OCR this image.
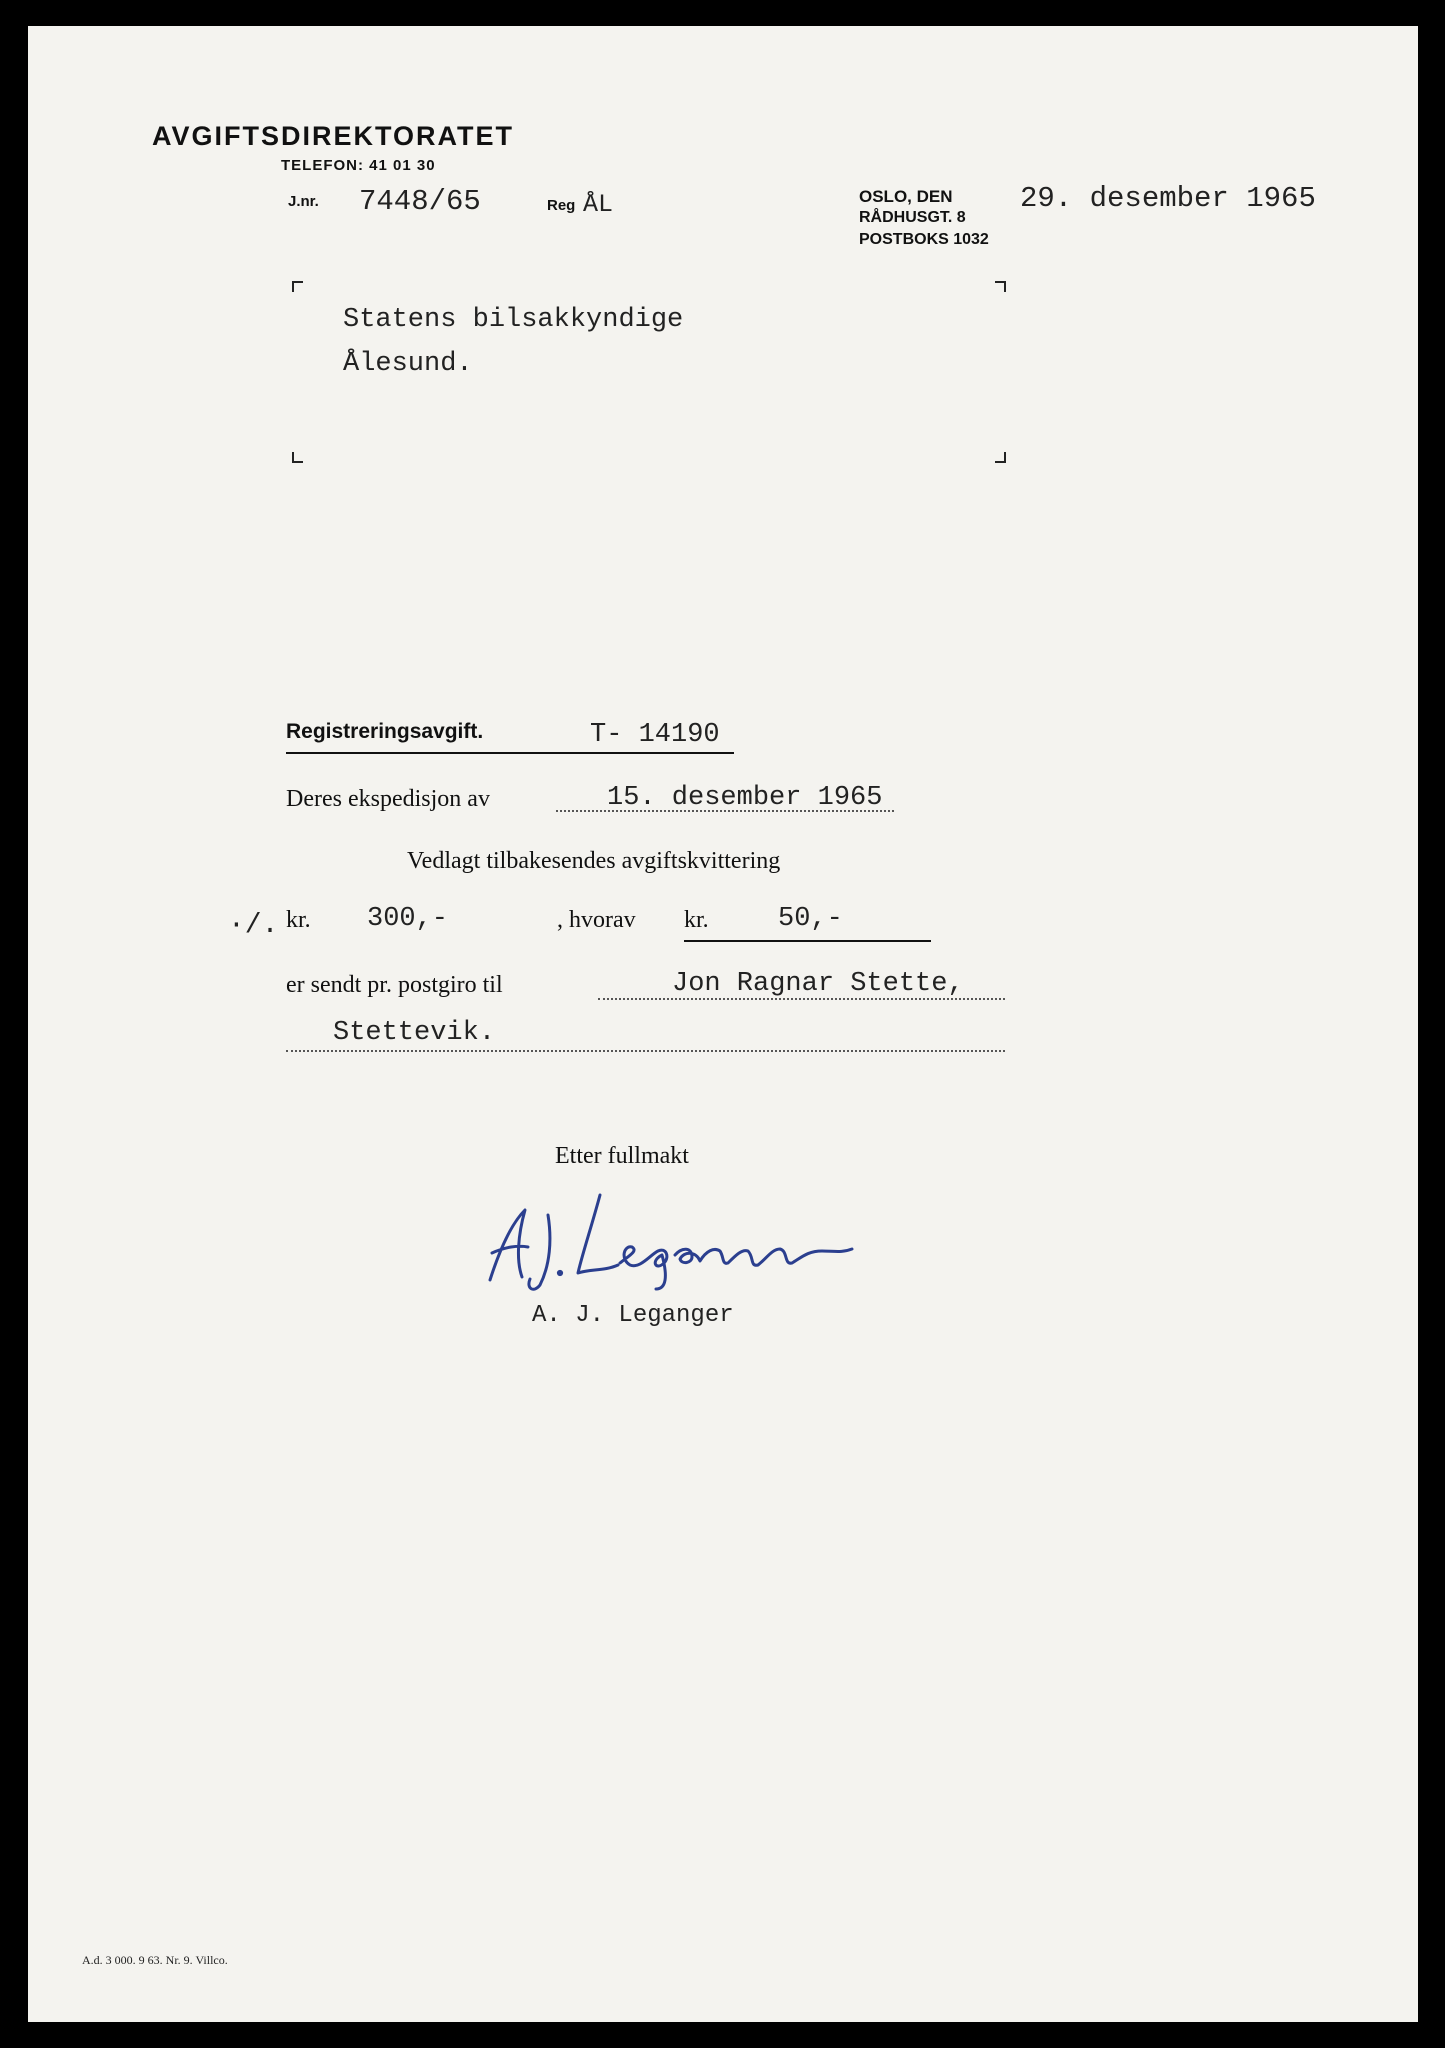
AVGIFTSDIREKTORATET
TELEFON: 41 01 30
J.nr. 7448/65	Reg ÅL	OSLO, DEN 29. desember 1965
RÅDHUSGT. 8
POSTBOKS 1032
Statens bilsakkyndige
Ålesund.
Registreringsavgift.	T- 14190
Deres ekspedisjon av	15. desember 1965
Vedlagt tilbakesendes avgiftskvittering
·/. kr. 300,-	, hvorav kr.	50,-
er sendt pr. postgiro til	Jon Ragnar Stette,
Stettevik.
Etter fullmakt
A. J. Leganger
A.d. 3 000. 9 63. Nr. 9. Villco.
